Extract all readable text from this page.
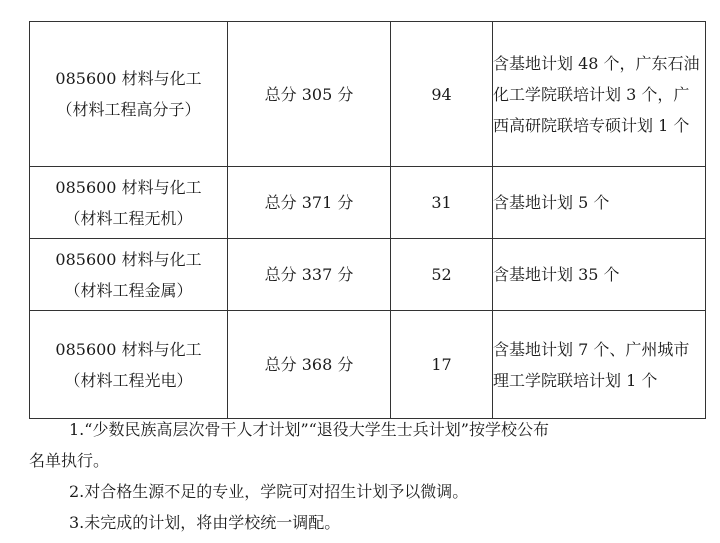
085600 材料与化工
（材料工程高分子）	总分 305 分	94	含基地计划 48 个，广东石油化工学院联培计划 3 个，广西高研院联培专硕计划 1 个

085600 材料与化工
（材料工程无机）	总分 371 分	31	含基地计划 5 个

085600 材料与化工
（材料工程金属）	总分 337 分	52	含基地计划 35 个

085600 材料与化工
（材料工程光电）	总分 368 分	17	含基地计划 7 个、广州城市理工学院联培计划 1 个

1.“少数民族高层次骨干人才计划”“退役大学生士兵计划”按学校公布

名单执行。

2.对合格生源不足的专业，学院可对招生计划予以微调。

3.未完成的计划，将由学校统一调配。
